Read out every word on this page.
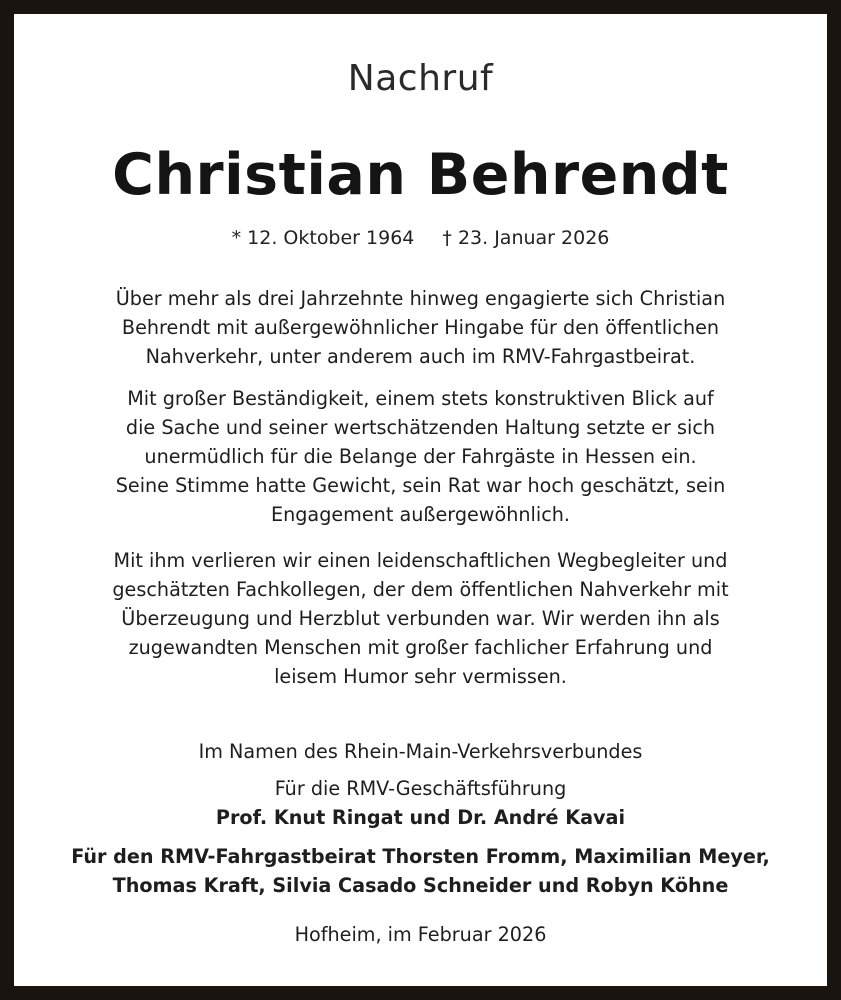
Nachruf
Christian Behrendt
* 12. Oktober 1964 † 23. Januar 2026
Über mehr als drei Jahrzehnte hinweg engagierte sich Christian
Behrendt mit außergewöhnlicher Hingabe für den öffentlichen
Nahverkehr, unter anderem auch im RMV-Fahrgastbeirat.
Mit großer Beständigkeit, einem stets konstruktiven Blick auf
die Sache und seiner wertschätzenden Haltung setzte er sich
unermüdlich für die Belange der Fahrgäste in Hessen ein.
Seine Stimme hatte Gewicht, sein Rat war hoch geschätzt, sein
Engagement außergewöhnlich.
Mit ihm verlieren wir einen leidenschaftlichen Wegbegleiter und
geschätzten Fachkollegen, der dem öffentlichen Nahverkehr mit
Überzeugung und Herzblut verbunden war. Wir werden ihn als
zugewandten Menschen mit großer fachlicher Erfahrung und
leisem Humor sehr vermissen.
Im Namen des Rhein-Main-Verkehrsverbundes
Für die RMV-Geschäftsführung
Prof. Knut Ringat und Dr. André Kavai
Für den RMV-Fahrgastbeirat Thorsten Fromm, Maximilian Meyer,
Thomas Kraft, Silvia Casado Schneider und Robyn Köhne
Hofheim, im Februar 2026
